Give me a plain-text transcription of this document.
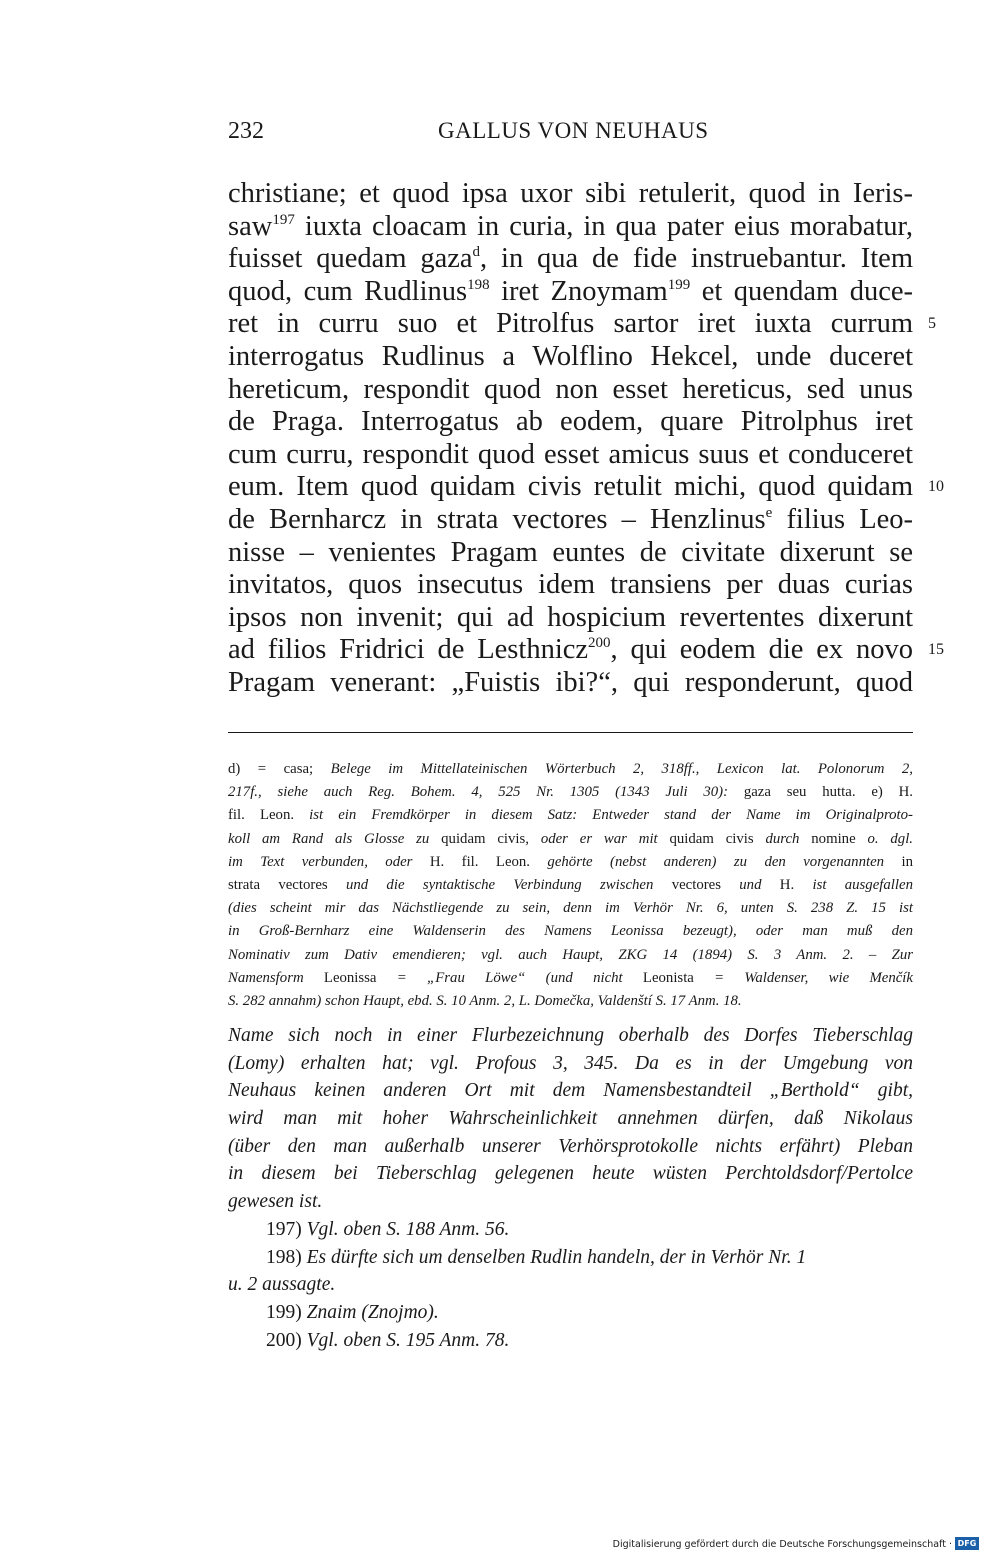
232	GALLUS VON NEUHAUS
christiane; et quod ipsa uxor sibi retulerit, quod in Ieris-
saw$^{197}$ iuxta cloacam in curia, in qua pater eius morabatur,
fuisset quedam gaza$^d$, in qua de fide instruebantur. Item
quod, cum Rudlinus$^{198}$ iret Znoymam$^{199}$ et quendam duce-
ret in curru suo et Pitrolfus sartor iret iuxta currum 5
interrogatus Rudlinus a Wolflino Hekcel, unde duceret
hereticum, respondit quod non esset hereticus, sed unus
de Praga. Interrogatus ab eodem, quare Pitrolphus iret
cum curru, respondit quod esset amicus suus et conduceret
eum. Item quod quidam civis retulit michi, quod quidam 10
de Bernharcz in strata vectores – Henzlinus$^e$ filius Leo-
nisse – venientes Pragam euntes de civitate dixerunt se
invitatos, quos insecutus idem transiens per duas curias
ipsos non invenit; qui ad hospicium revertentes dixerunt
ad filios Fridrici de Lesthnicz$^{200}$, qui eodem die ex novo 15
Pragam venerant: „Fuistis ibi?“, qui responderunt, quod
d) = casa; Belege im Mittellateinischen Wörterbuch 2, 318ff., Lexicon lat. Polonorum 2,
217f., siehe auch Reg. Bohem. 4, 525 Nr. 1305 (1343 Juli 30): gaza seu hutta. e) H.
fil. Leon. ist ein Fremdkörper in diesem Satz: Entweder stand der Name im Originalproto-
koll am Rand als Glosse zu quidam civis, oder er war mit quidam civis durch nomine o. dgl.
im Text verbunden, oder H. fil. Leon. gehörte (nebst anderen) zu den vorgenannten in
strata vectores und die syntaktische Verbindung zwischen vectores und H. ist ausgefallen
(dies scheint mir das Nächstliegende zu sein, denn im Verhör Nr. 6, unten S. 238 Z. 15 ist
in Groß-Bernharz eine Waldenserin des Namens Leonissa bezeugt), oder man muß den
Nominativ zum Dativ emendieren; vgl. auch Haupt, ZKG 14 (1894) S. 3 Anm. 2. – Zur
Namensform Leonissa = „Frau Löwe“ (und nicht Leonista = Waldenser, wie Menčík
S. 282 annahm) schon Haupt, ebd. S. 10 Anm. 2, L. Domečka, Valdenští S. 17 Anm. 18.
Name sich noch in einer Flurbezeichnung oberhalb des Dorfes Tieberschlag
(Lomy) erhalten hat; vgl. Profous 3, 345. Da es in der Umgebung von
Neuhaus keinen anderen Ort mit dem Namensbestandteil „Berthold“ gibt,
wird man mit hoher Wahrscheinlichkeit annehmen dürfen, daß Nikolaus
(über den man außerhalb unserer Verhörsprotokolle nichts erfährt) Pleban
in diesem bei Tieberschlag gelegenen heute wüsten Perchtoldsdorf/Pertolce
gewesen ist.
197) Vgl. oben S. 188 Anm. 56.
198) Es dürfte sich um denselben Rudlin handeln, der in Verhör Nr. 1
u. 2 aussagte.
199) Znaim (Znojmo).
200) Vgl. oben S. 195 Anm. 78.
Digitalisierung gefördert durch die Deutsche Forschungsgemeinschaft · DFG
